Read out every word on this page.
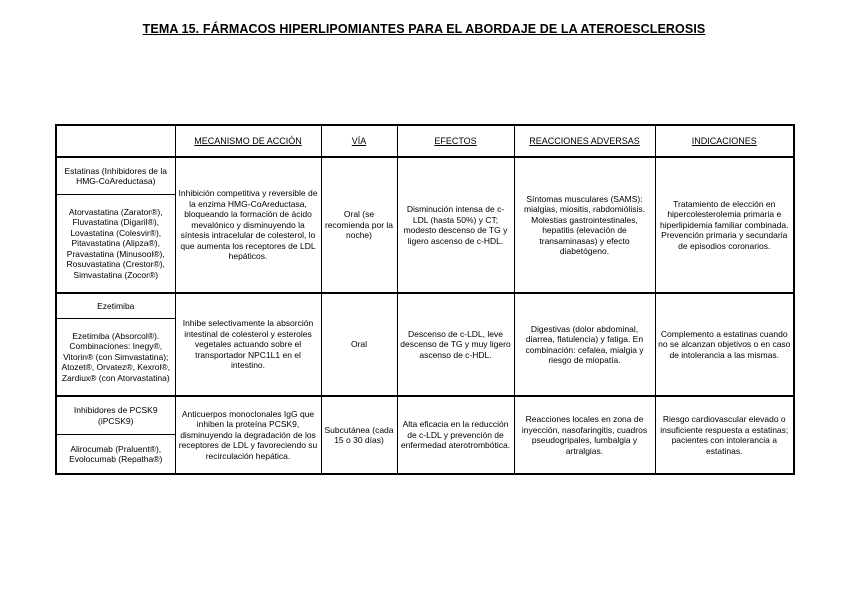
TEMA 15. FÁRMACOS HIPERLIPOMIANTES PARA EL ABORDAJE DE LA ATEROESCLEROSIS
	MECANISMO DE ACCIÓN	VÍA	EFECTOS	REACCIONES ADVERSAS	INDICACIONES
Estatinas (Inhibidores de la HMG-CoAreductasa)	Inhibición competitiva y reversible de la enzima HMG-CoAreductasa, bloqueando la formación de ácido mevalónico y disminuyendo la síntesis intracelular de colesterol, lo que aumenta los receptores de LDL hepáticos.	Oral (se recomienda por la noche)	Disminución intensa de c-LDL (hasta 50%) y CT; modesto descenso de TG y ligero ascenso de c-HDL.	Síntomas musculares (SAMS): mialgias, miositis, rabdomiólisis. Molestias gastrointestinales, hepatitis (elevación de transaminasas) y efecto diabetógeno.	Tratamiento de elección en hipercolesterolemia primaria e hiperlipidemia familiar combinada. Prevención primaria y secundaria de episodios coronarios.
Atorvastatina (Zarator®), Fluvastatina (Digaril®), Lovastatina (Colesvir®), Pitavastatina (Alipza®), Pravastatina (Minusool®), Rosuvastatina (Crestor®), Simvastatina (Zocor®)					
Ezetimiba	Inhibe selectivamente la absorción intestinal de colesterol y esteroles vegetales actuando sobre el transportador NPC1L1 en el intestino.	Oral	Descenso de c-LDL, leve descenso de TG y muy ligero ascenso de c-HDL.	Digestivas (dolor abdominal, diarrea, flatulencia) y fatiga. En combinación: cefalea, mialgia y riesgo de miopatía.	Complemento a estatinas cuando no se alcanzan objetivos o en caso de intolerancia a las mismas.
Ezetimiba (Absorcol®). Combinaciones: Inegy®, Vitorin® (con Simvastatina); Atozet®, Orvatez®, Kexrol®, Zardiux® (con Atorvastatina)					
Inhibidores de PCSK9 (iPCSK9)	Anticuerpos monoclonales IgG que inhiben la proteína PCSK9, disminuyendo la degradación de los receptores de LDL y favoreciendo su recirculación hepática.	Subcutánea (cada 15 o 30 días)	Alta eficacia en la reducción de c-LDL y prevención de enfermedad aterotrombótica.	Reacciones locales en zona de inyección, nasofaringitis, cuadros pseudogripales, lumbalgia y artralgias.	Riesgo cardiovascular elevado o insuficiente respuesta a estatinas; pacientes con intolerancia a estatinas.
Alirocumab (Praluent®), Evolocumab (Repatha®)					
